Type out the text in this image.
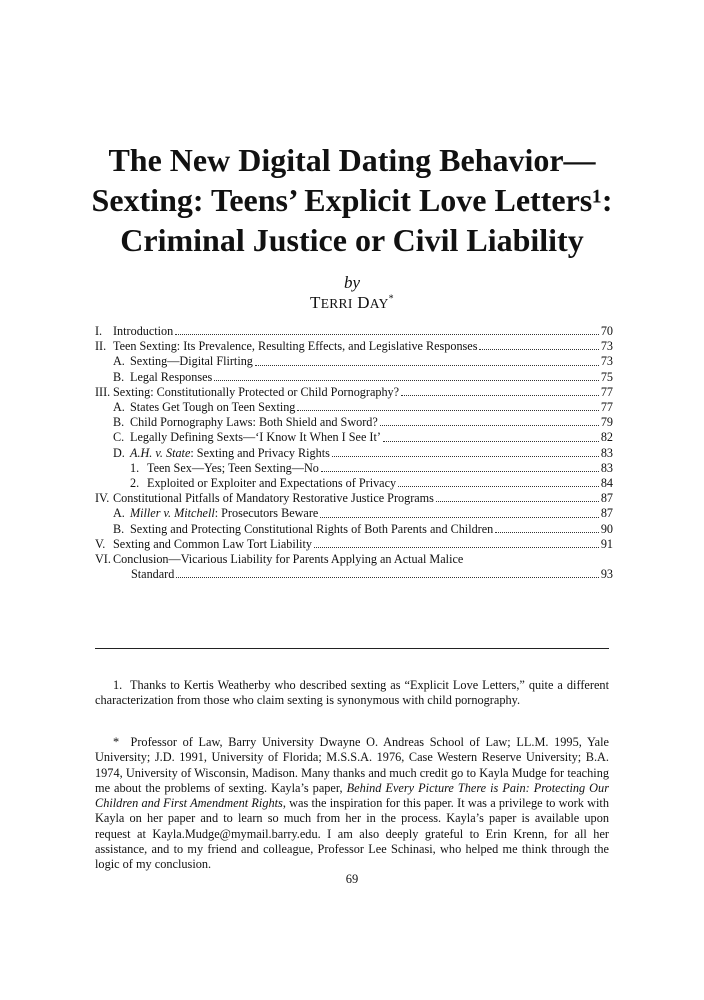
The New Digital Dating Behavior—
Sexting: Teens’ Explicit Love Letters¹:
Criminal Justice or Civil Liability
by
TERRI DAY*
I. Introduction	70
II. Teen Sexting: Its Prevalence, Resulting Effects, and Legislative Responses	73
A. Sexting—Digital Flirting	73
B. Legal Responses	75
III. Sexting: Constitutionally Protected or Child Pornography?	77
A. States Get Tough on Teen Sexting	77
B. Child Pornography Laws: Both Shield and Sword?	79
C. Legally Defining Sexts—‘I Know It When I See It’	82
D. A.H. v. State: Sexting and Privacy Rights	83
1. Teen Sex—Yes; Teen Sexting—No	83
2. Exploited or Exploiter and Expectations of Privacy	84
IV. Constitutional Pitfalls of Mandatory Restorative Justice Programs	87
A. Miller v. Mitchell: Prosecutors Beware	87
B. Sexting and Protecting Constitutional Rights of Both Parents and Children	90
V. Sexting and Common Law Tort Liability	91
VI. Conclusion—Vicarious Liability for Parents Applying an Actual Malice
Standard	93

1. Thanks to Kertis Weatherby who described sexting as “Explicit Love Letters,” quite a different characterization from those who claim sexting is synonymous with child pornography.

* Professor of Law, Barry University Dwayne O. Andreas School of Law; LL.M. 1995, Yale University; J.D. 1991, University of Florida; M.S.S.A. 1976, Case Western Reserve University; B.A. 1974, University of Wisconsin, Madison. Many thanks and much credit go to Kayla Mudge for teaching me about the problems of sexting. Kayla’s paper, Behind Every Picture There is Pain: Protecting Our Children and First Amendment Rights, was the inspiration for this paper. It was a privilege to work with Kayla on her paper and to learn so much from her in the process. Kayla’s paper is available upon request at Kayla.Mudge@mymail.barry.edu. I am also deeply grateful to Erin Krenn, for all her assistance, and to my friend and colleague, Professor Lee Schinasi, who helped me think through the logic of my conclusion.

69
